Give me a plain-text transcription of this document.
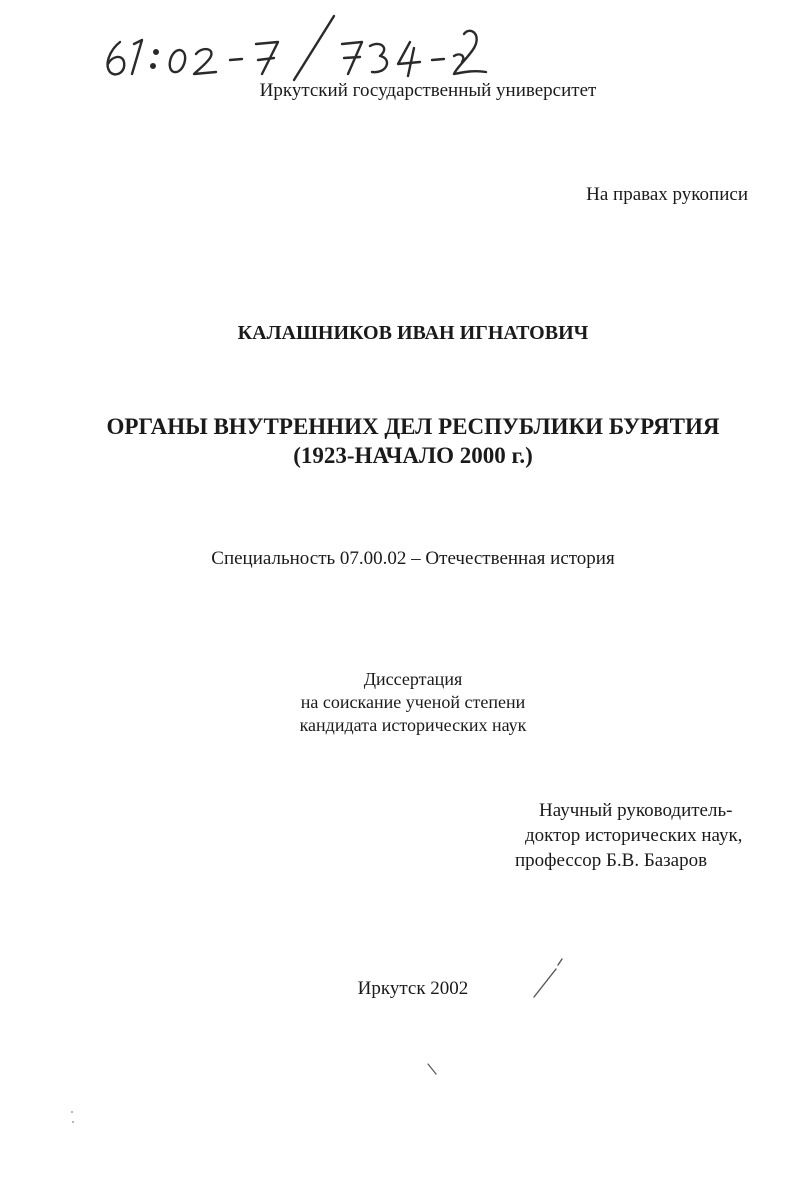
Иркутский государственный университет
На правах рукописи
КАЛАШНИКОВ ИВАН ИГНАТОВИЧ
ОРГАНЫ ВНУТРЕННИХ ДЕЛ РЕСПУБЛИКИ БУРЯТИЯ
(1923-НАЧАЛО 2000 г.)
Специальность 07.00.02 – Отечественная история
Диссертация
на соискание ученой степени
кандидата исторических наук
Научный руководитель-
доктор исторических наук,
профессор Б.В. Базаров
Иркутск 2002
